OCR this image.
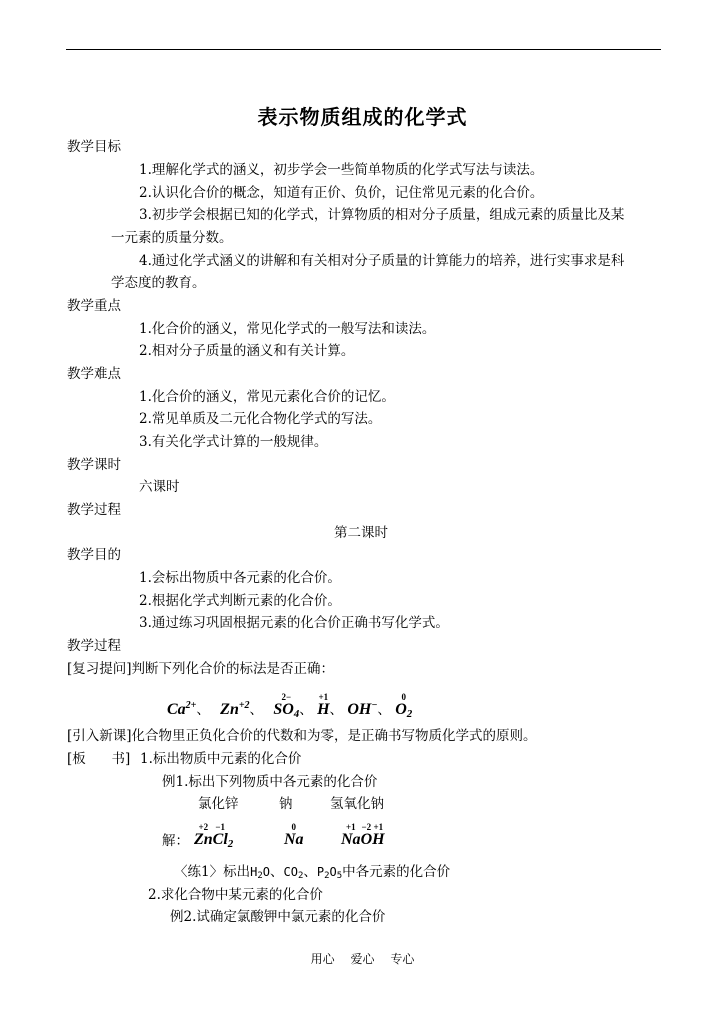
表示物质组成的化学式
教学目标
1.理解化学式的涵义，初步学会一些简单物质的化学式写法与读法。
2.认识化合价的概念，知道有正价、负价，记住常见元素的化合价。
3.初步学会根据已知的化学式，计算物质的相对分子质量，组成元素的质量比及某
一元素的质量分数。
4.通过化学式涵义的讲解和有关相对分子质量的计算能力的培养，进行实事求是科
学态度的教育。
教学重点
1.化合价的涵义，常见化学式的一般写法和读法。
2.相对分子质量的涵义和有关计算。
教学难点
1.化合价的涵义，常见元素化合价的记忆。
2.常见单质及二元化合物化学式的写法。
3.有关化学式计算的一般规律。
教学课时
六课时
教学过程
第二课时
教学目的
1.会标出物质中各元素的化合价。
2.根据化学式判断元素的化合价。
3.通过练习巩固根据元素的化合价正确书写化学式。
教学过程
[复习提问]判断下列化合价的标法是否正确：
$Ca^{2+}$、 $Zn^{+2}$、
2−
$SO_4$、
+1
H、 OH−、
0
$O_2$
[引入新课]化合物里正负化合价的代数和为零，是正确书写物质化学式的原则。
[板      书] 1.标出物质中元素的化合价
例1.标出下列物质中各元素的化合价
氯化锌	钠	氢氧化钠
解：
+2
Zn
−1
$Cl_2$
0
Na
+1
Na
−2
O
+1
H
〈练1〉标出H2O、CO2、P2O5中各元素的化合价
2.求化合物中某元素的化合价
例2.试确定氯酸钾中氯元素的化合价
用心 爱心 专心
